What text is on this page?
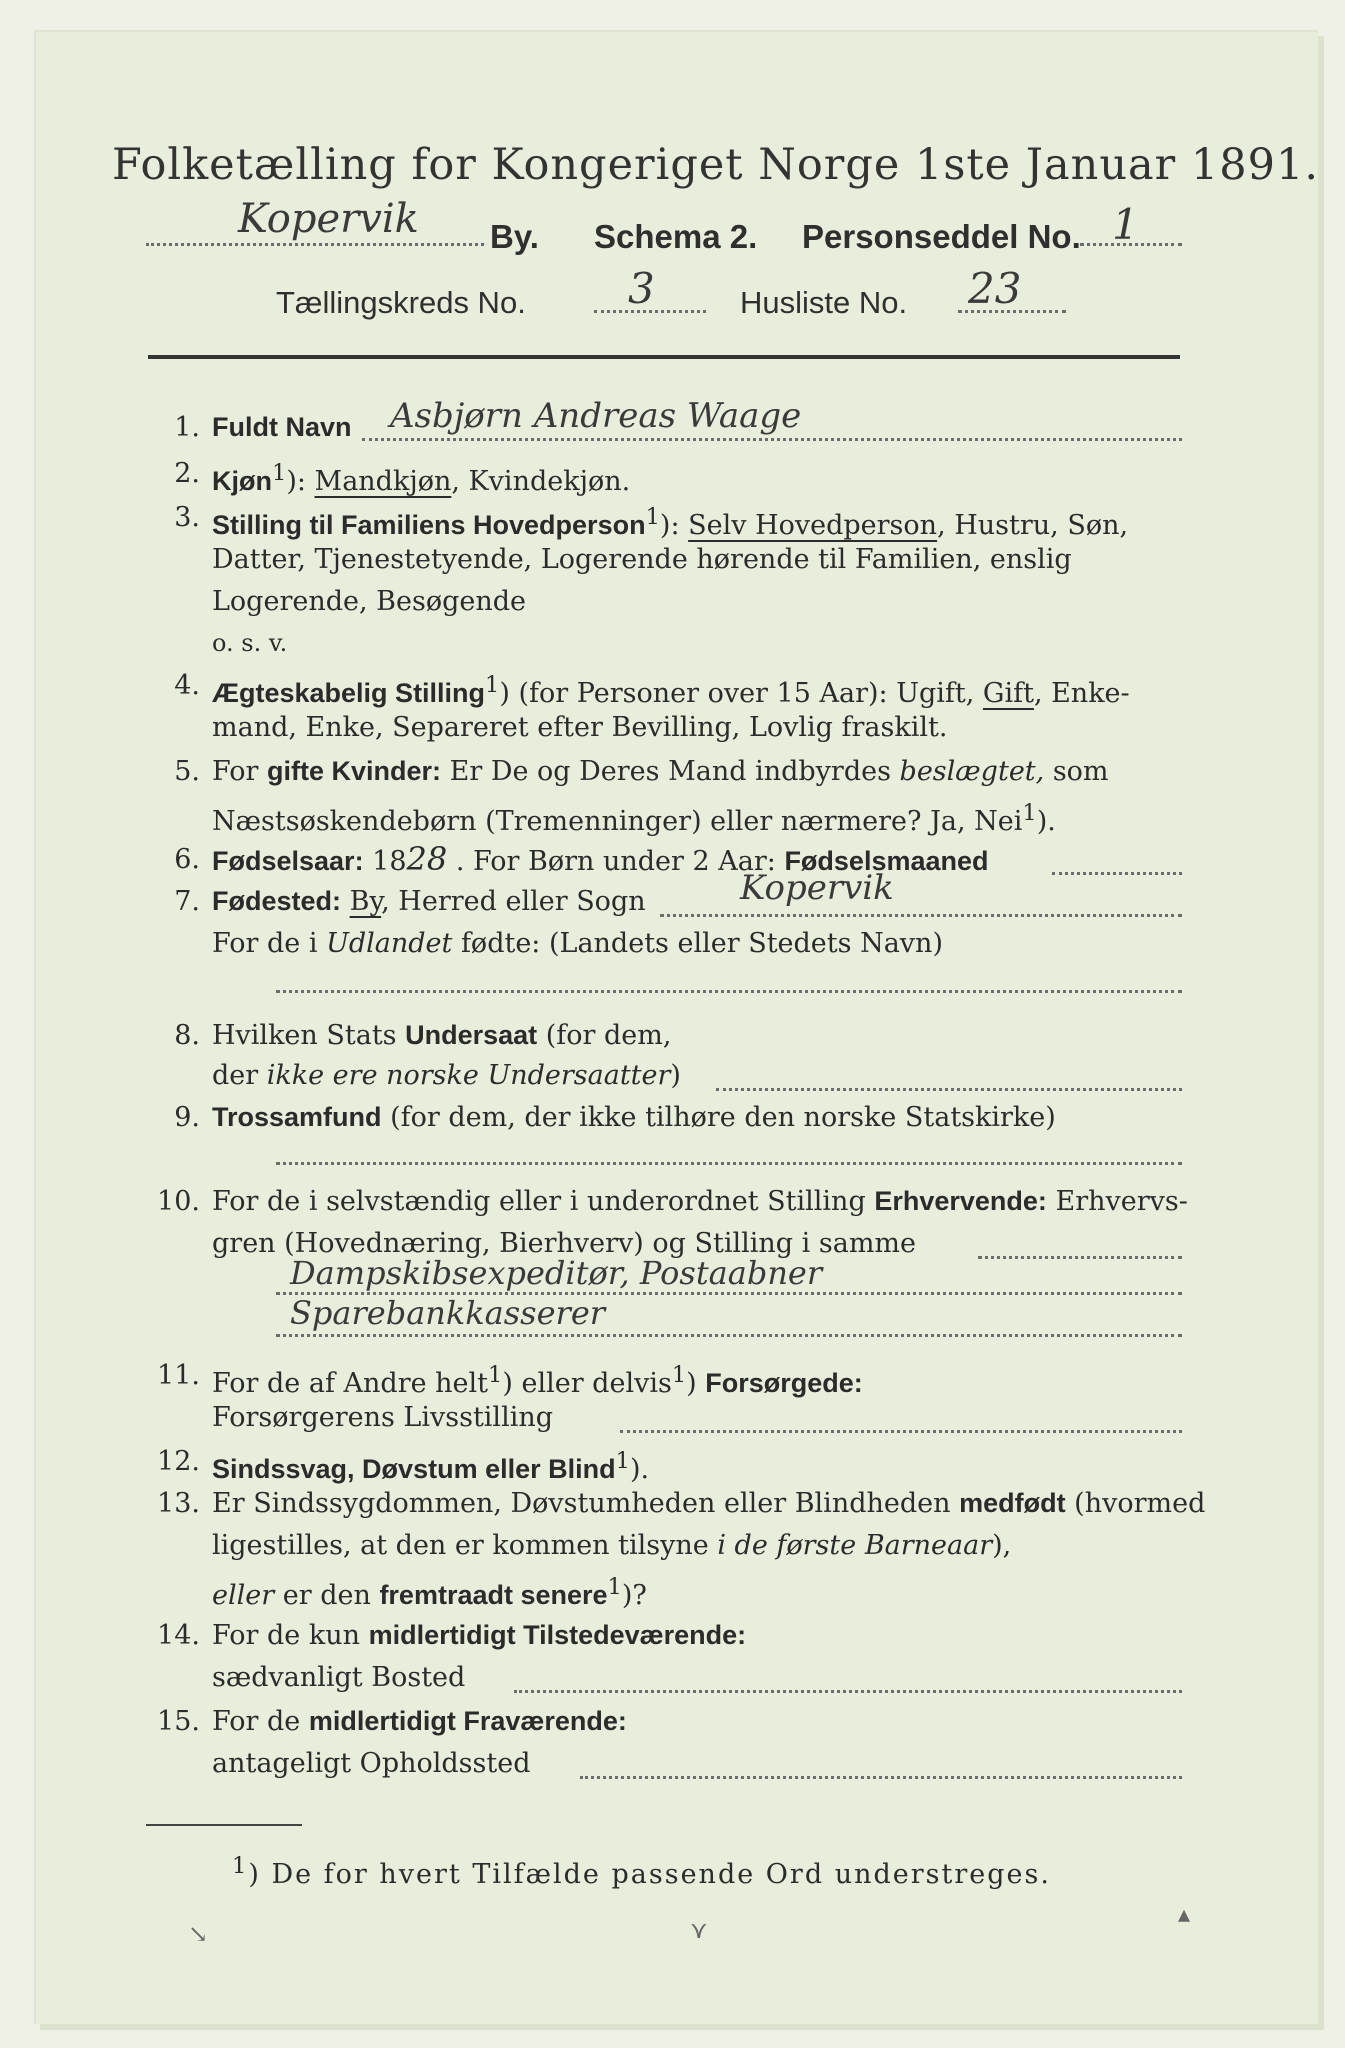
Folketælling for Kongeriget Norge 1ste Januar 1891.
Kopervik By. Schema 2. Personseddel No. 1
Tællingskreds No. 3	Husliste No. 23
1. Fuldt Navn Asbjørn Andreas Waage
2. Kjøn$^1$): Mandkjøn, Kvindekjøn.
3. Stilling til Familiens Hovedperson$^1$): Selv Hovedperson, Hustru, Søn,
Datter, Tjenestetyende, Logerende hørende til Familien, enslig
Logerende, Besøgende
o. s. v.
4. Ægteskabelig Stilling$^1$) (for Personer over 15 Aar): Ugift, Gift, Enke-
mand, Enke, Separeret efter Bevilling, Lovlig fraskilt.
5. For gifte Kvinder: Er De og Deres Mand indbyrdes beslægtet, som
Næstsøskendebørn (Tremenninger) eller nærmere? Ja, Nei$^1$).
6. Fødselsaar: 1828 . For Børn under 2 Aar: Fødselsmaaned
7. Fødested: By, Herred eller Sogn	Kopervik
For de i Udlandet fødte: (Landets eller Stedets Navn)
8. Hvilken Stats Undersaat (for dem,
der ikke ere norske Undersaatter)
9. Trossamfund (for dem, der ikke tilhøre den norske Statskirke)
10. For de i selvstændig eller i underordnet Stilling Erhvervende: Erhvervs-
gren (Hovednæring, Bierhverv) og Stilling i samme
Dampskibsexpeditør, Postaabner
Sparebankkasserer
11. For de af Andre helt$^1$) eller delvis$^1$) Forsørgede:
Forsørgerens Livsstilling
12. Sindssvag, Døvstum eller Blind$^1$).
13. Er Sindssygdommen, Døvstumheden eller Blindheden medfødt (hvormed
ligestilles, at den er kommen tilsyne i de første Barneaar),
eller er den fremtraadt senere$^1$)?
14. For de kun midlertidigt Tilstedeværende:
sædvanligt Bosted
15. For de midlertidigt Fraværende:
antageligt Opholdssted
$^1$) De for hvert Tilfælde passende Ord understreges.
↘	⋎
▴
